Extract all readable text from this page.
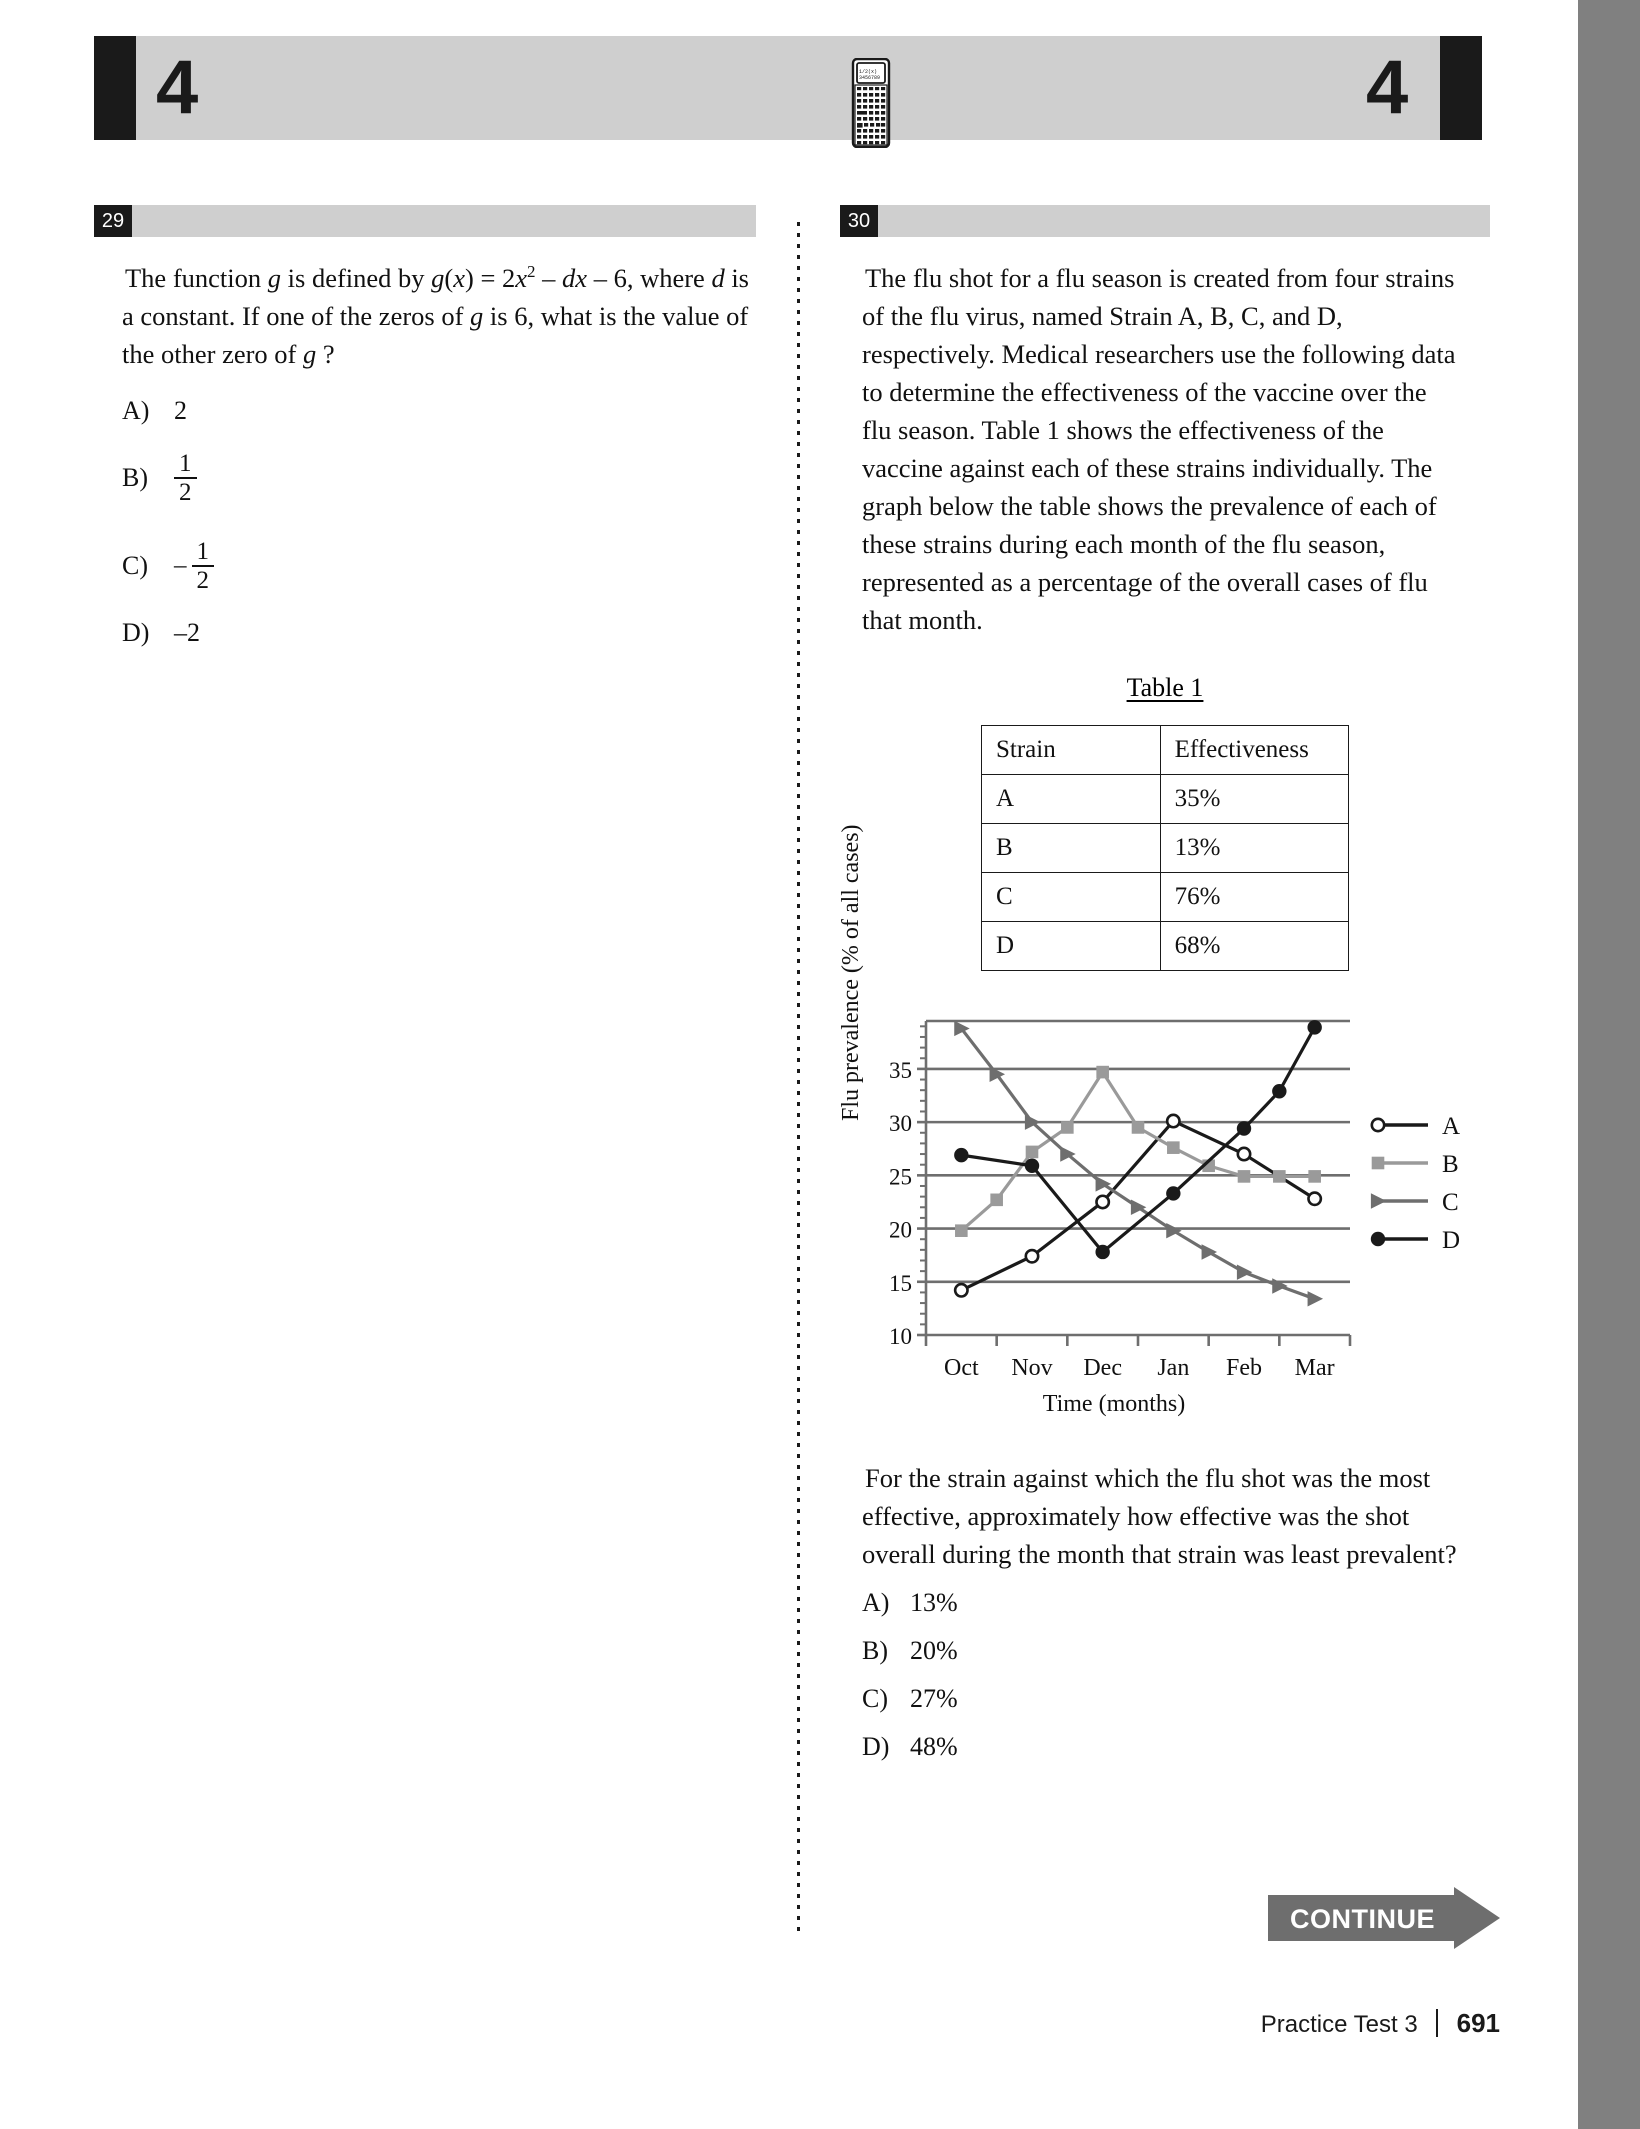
4	4
1/2(x)
3456789
29
The function g is defined by $g(x) = 2x^2$ – dx – 6, where d is a constant. If one of the zeros of g is 6, what is the value of the other zero of g ?
A) 2
B)	$\frac{1}{2}$
C)	– $\frac{1}{2}$
D) –2
30
The flu shot for a flu season is created from four strains of the flu virus, named Strain A, B, C, and D, respectively. Medical researchers use the following data to determine the effectiveness of the vaccine over the flu season. Table 1 shows the effectiveness of the vaccine against each of these strains individually. The graph below the table shows the prevalence of each of these strains during each month of the flu season, represented as a percentage of the overall cases of flu that month.
Table 1
Strain	Effectiveness
A	35%
B	13%
C	76%
D	68%
Flu prevalence (% of all cases)
10
15
20
25
30
35
Oct Nov Dec Jan Feb Mar
A
B
C
D
Time (months)
For the strain against which the flu shot was the most effective, approximately how effective was the shot overall during the month that strain was least prevalent?
A) 13%
B) 20%
C) 27%
D) 48%
CONTINUE
Practice Test 3 691
